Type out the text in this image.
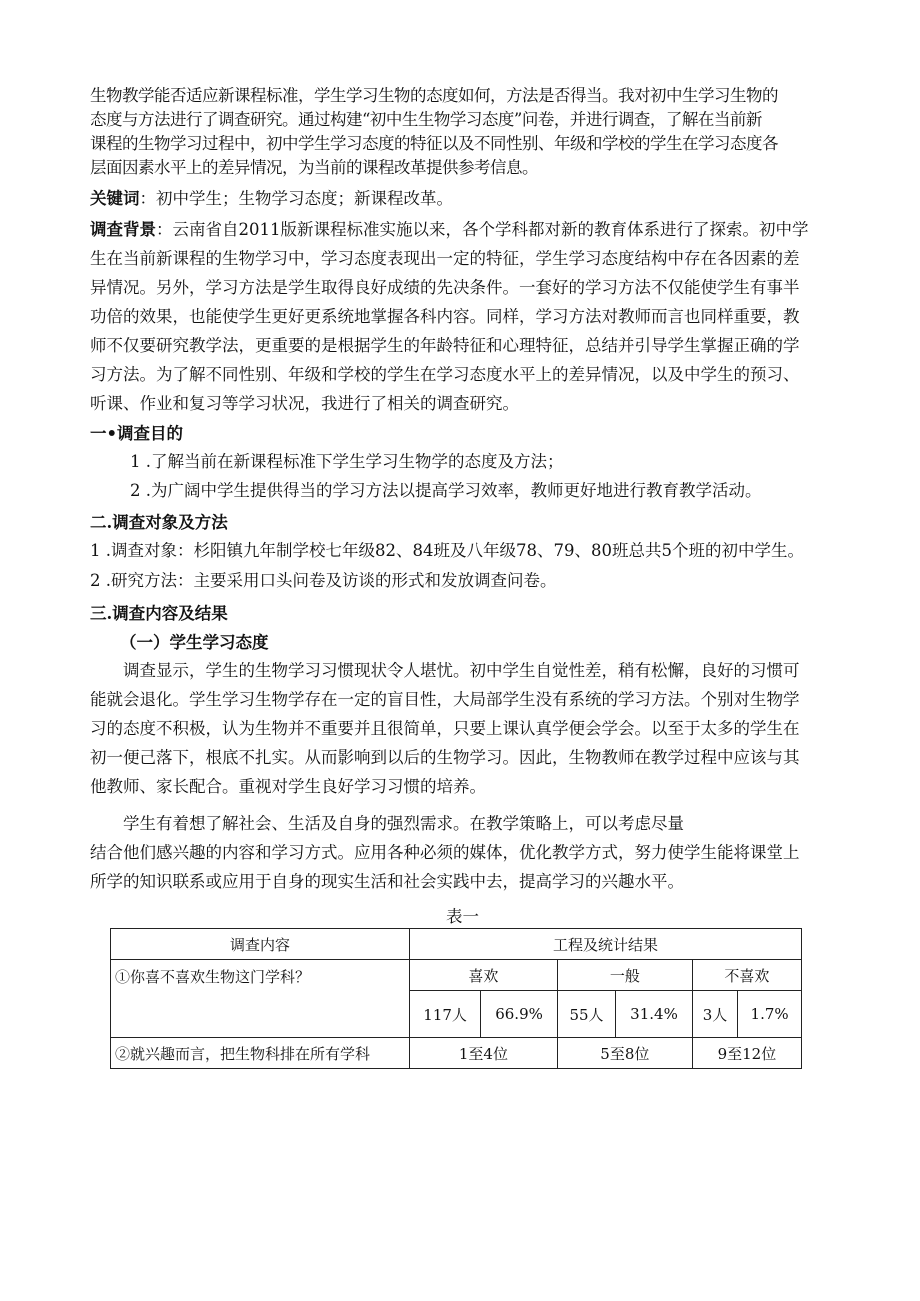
生物教学能否适应新课程标准，学生学习生物的态度如何，方法是否得当。我对初中生学习生物的

态度与方法进行了调查研究。通过构建“初中生生物学习态度”问卷，并进行调查，了解在当前新

课程的生物学习过程中，初中学生学习态度的特征以及不同性别、年级和学校的学生在学习态度各

层面因素水平上的差异情况，为当前的课程改革提供参考信息。

关键词：初中学生；生物学习态度；新课程改革。

调查背景：云南省自2011版新课程标准实施以来，各个学科都对新的教育体系进行了探索。初中学

生在当前新课程的生物学习中，学习态度表现出一定的特征，学生学习态度结构中存在各因素的差

异情况。另外，学习方法是学生取得良好成绩的先决条件。一套好的学习方法不仅能使学生有事半

功倍的效果，也能使学生更好更系统地掌握各科内容。同样，学习方法对教师而言也同样重要，教

师不仅要研究教学法，更重要的是根据学生的年龄特征和心理特征，总结并引导学生掌握正确的学

习方法。为了解不同性别、年级和学校的学生在学习态度水平上的差异情况，以及中学生的预习、

听课、作业和复习等学习状况，我进行了相关的调查研究。

一•调查目的

1 .了解当前在新课程标准下学生学习生物学的态度及方法；

2 .为广阔中学生提供得当的学习方法以提高学习效率，教师更好地进行教育教学活动。

二.调查对象及方法

1 .调查对象：杉阳镇九年制学校七年级82、84班及八年级78、79、80班总共5个班的初中学生。

2 .研究方法：主要采用口头问卷及访谈的形式和发放调查问卷。

三.调查内容及结果

（一）学生学习态度

调查显示，学生的生物学习习惯现状令人堪忧。初中学生自觉性差，稍有松懈，良好的习惯可

能就会退化。学生学习生物学存在一定的盲目性，大局部学生没有系统的学习方法。个别对生物学

习的态度不积极，认为生物并不重要并且很简单，只要上课认真学便会学会。以至于太多的学生在

初一便己落下，根底不扎实。从而影响到以后的生物学习。因此，生物教师在教学过程中应该与其

他教师、家长配合。重视对学生良好学习习惯的培养。

学生有着想了解社会、生活及自身的强烈需求。在教学策略上，可以考虑尽量

结合他们感兴趣的内容和学习方式。应用各种必须的媒体，优化教学方式，努力使学生能将课堂上

所学的知识联系或应用于自身的现实生活和社会实践中去，提高学习的兴趣水平。

表一

调查内容	工程及统计结果					
①你喜不喜欢生物这门学科？	喜欢		一般		不喜欢	
	117人	66.9%	55人	31.4%	3人	1.7%
②就兴趣而言，把生物科排在所有学科	1至4位		5至8位		9至12位	
